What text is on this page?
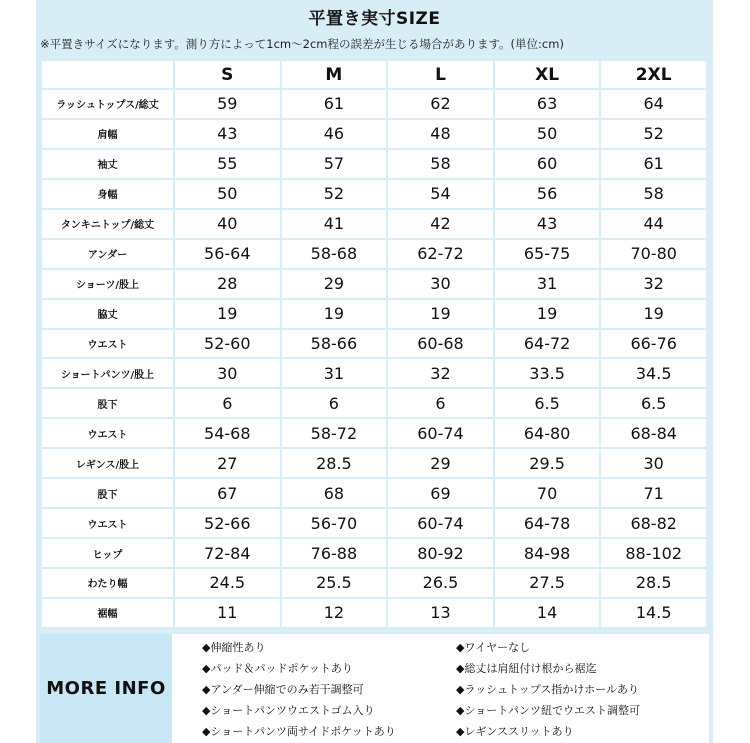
平置き実寸SIZE
※平置きサイズになります。測り方によって1cm～2cm程の誤差が生じる場合があります。(単位:cm)
	S	M	L	XL	2XL
ラッシュトップス/総丈	59	61	62	63	64
肩幅	43	46	48	50	52
袖丈	55	57	58	60	61
身幅	50	52	54	56	58
タンキニトップ/総丈	40	41	42	43	44
アンダー	56-64	58-68	62-72	65-75	70-80
ショーツ/股上	28	29	30	31	32
脇丈	19	19	19	19	19
ウエスト	52-60	58-66	60-68	64-72	66-76
ショートパンツ/股上	30	31	32	33.5	34.5
股下	6	6	6	6.5	6.5
ウエスト	54-68	58-72	60-74	64-80	68-84
レギンス/股上	27	28.5	29	29.5	30
股下	67	68	69	70	71
ウエスト	52-66	56-70	60-74	64-78	68-82
ヒップ	72-84	76-88	80-92	84-98	88-102
わたり幅	24.5	25.5	26.5	27.5	28.5
裾幅	11	12	13	14	14.5
MORE INFO
◆伸縮性あり
◆パッド＆パッドポケットあり
◆アンダー伸縮でのみ若干調整可
◆ショートパンツウエストゴム入り
◆ショートパンツ両サイドポケットあり
◆ワイヤーなし
◆総丈は肩紐付け根から裾迄
◆ラッシュトップス指かけホールあり
◆ショートパンツ紐でウエスト調整可
◆レギンススリットあり
